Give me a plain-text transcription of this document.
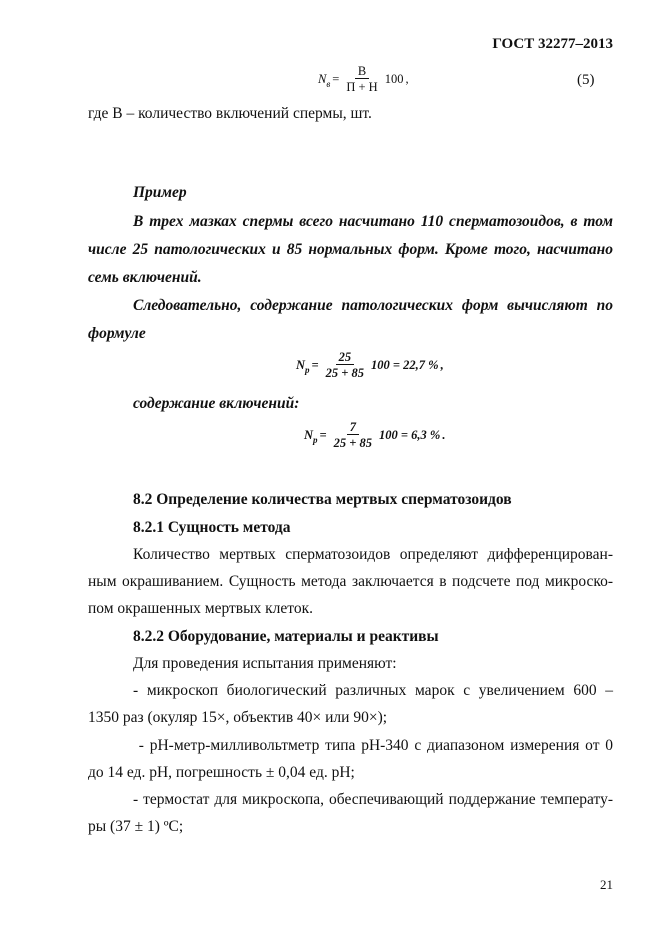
ГОСТ 32277–2013
$N_в = \frac{В}{П + Н} 100$ ,	(5)
где В – количество включений спермы, шт.
Пример
В трех мазках спермы всего насчитано 110 сперматозоидов, в том
числе 25 патологических и 85 нормальных форм. Кроме того, насчитано
семь включений.
Следовательно, содержание патологических форм вычисляют по
формуле
$N_p = \frac{25}{25 + 85} 100 = 22,7$ % ,
содержание включений:
$N_p = \frac{7}{25 + 85} 100 = 6,3$ % .
8.2 Определение количества мертвых сперматозоидов
8.2.1 Сущность метода
Количество мертвых сперматозоидов определяют дифференцирован-
ным окрашиванием. Сущность метода заключается в подсчете под микроско-
пом окрашенных мертвых клеток.
8.2.2 Оборудование, материалы и реактивы
Для проведения испытания применяют:
- микроскоп биологический различных марок с увеличением 600 –
1350 раз (окуляр 15×, объектив 40× или 90×);
- рН-метр-милливольтметр типа рН-340 с диапазоном измерения от 0
до 14 ед. рН, погрешность ± 0,04 ед. рН;
- термостат для микроскопа, обеспечивающий поддержание температу-
ры (37 ± 1) ºС;
21
